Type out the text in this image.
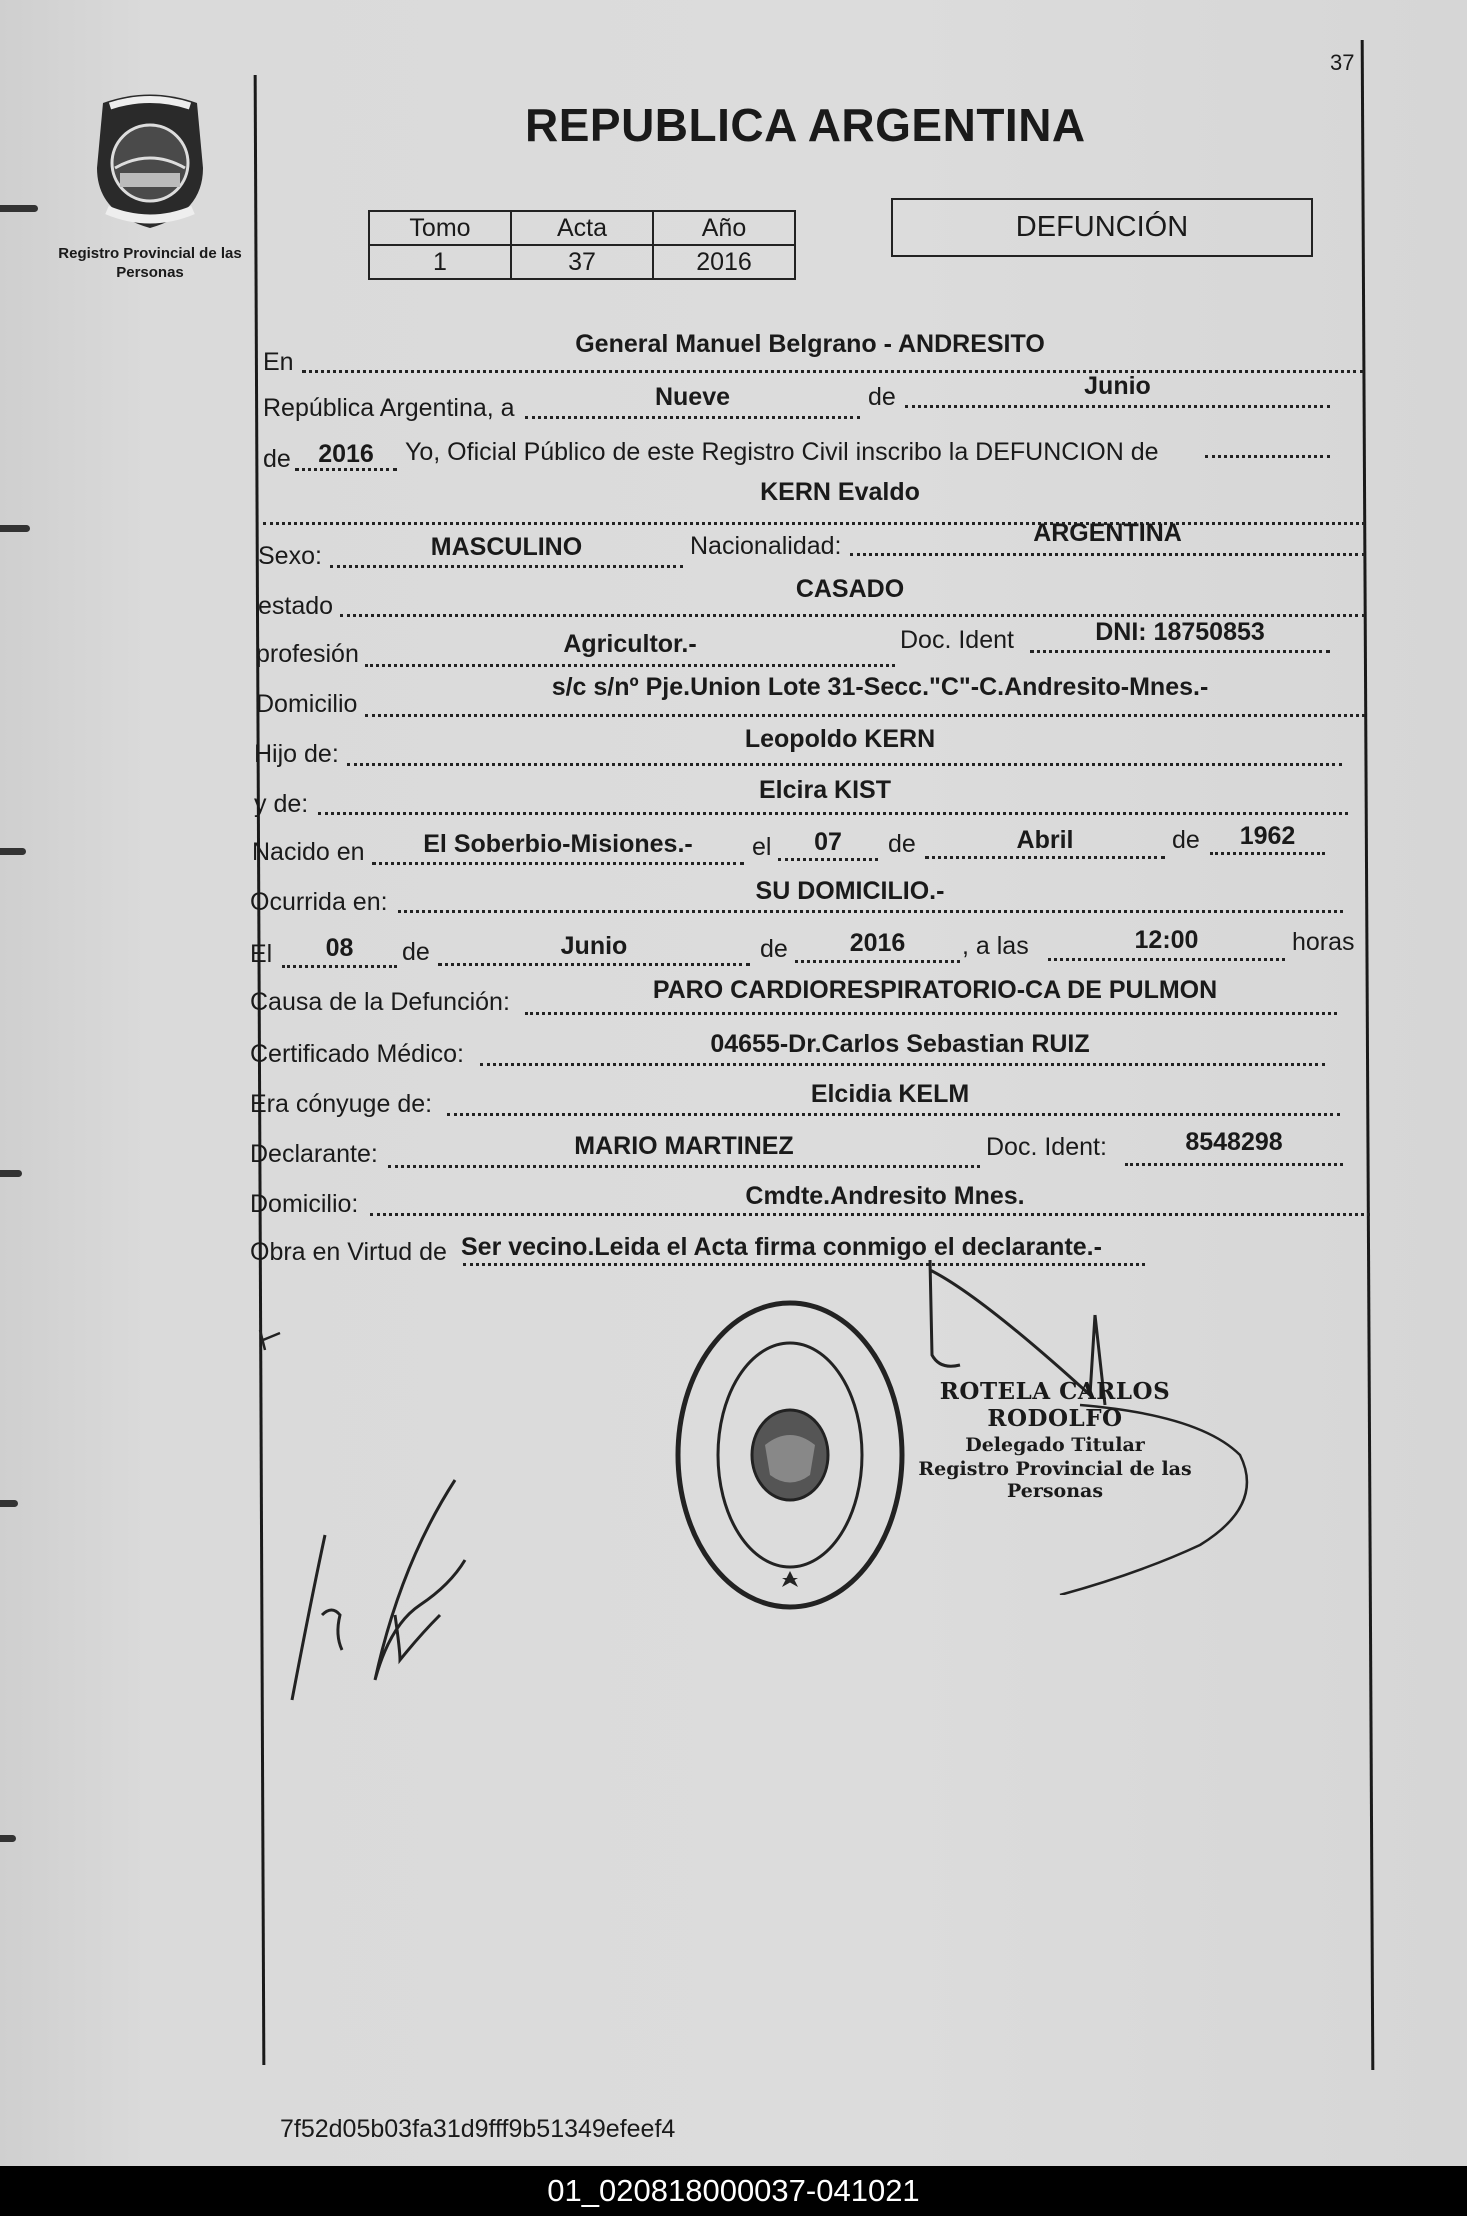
37
Registro Provincial de las Personas
REPUBLICA ARGENTINA
Tomo	Acta	Año
1	37	2016
DEFUNCIÓN
En
General Manuel Belgrano - ANDRESITO
República Argentina, a	Nueve	de	Junio
de	2016	Yo, Oficial Público de este Registro Civil inscribo la DEFUNCION de
KERN Evaldo
Sexo:	MASCULINO	Nacionalidad:	ARGENTINA
estado
CASADO
profesión	Agricultor.-	Doc. Ident	DNI: 18750853
Domicilio
s/c s/nº Pje.Union Lote 31-Secc."C"-C.Andresito-Mnes.-
Hijo de:
Leopoldo KERN
y de:	Elcira KIST
Nacido en	El Soberbio-Misiones.-	el	07	de	Abril	de	1962
Ocurrida en:	SU DOMICILIO.-
El	08	de	Junio	de	2016	, a las	12:00	horas
Causa de la Defunción:	PARO CARDIORESPIRATORIO-CA DE PULMON
Certificado Médico:	04655-Dr.Carlos Sebastian RUIZ
Era cónyuge de:	Elcidia KELM
Declarante:	MARIO MARTINEZ	Doc. Ident:	8548298
Domicilio:	Cmdte.Andresito Mnes.
Obra en Virtud de Ser vecino.Leida el Acta firma conmigo el declarante.-
ROTELA CARLOS RODOLFO
Delegado Titular
Registro Provincial de las Personas
7f52d05b03fa31d9fff9b51349efeef4
01_020818000037-041021
